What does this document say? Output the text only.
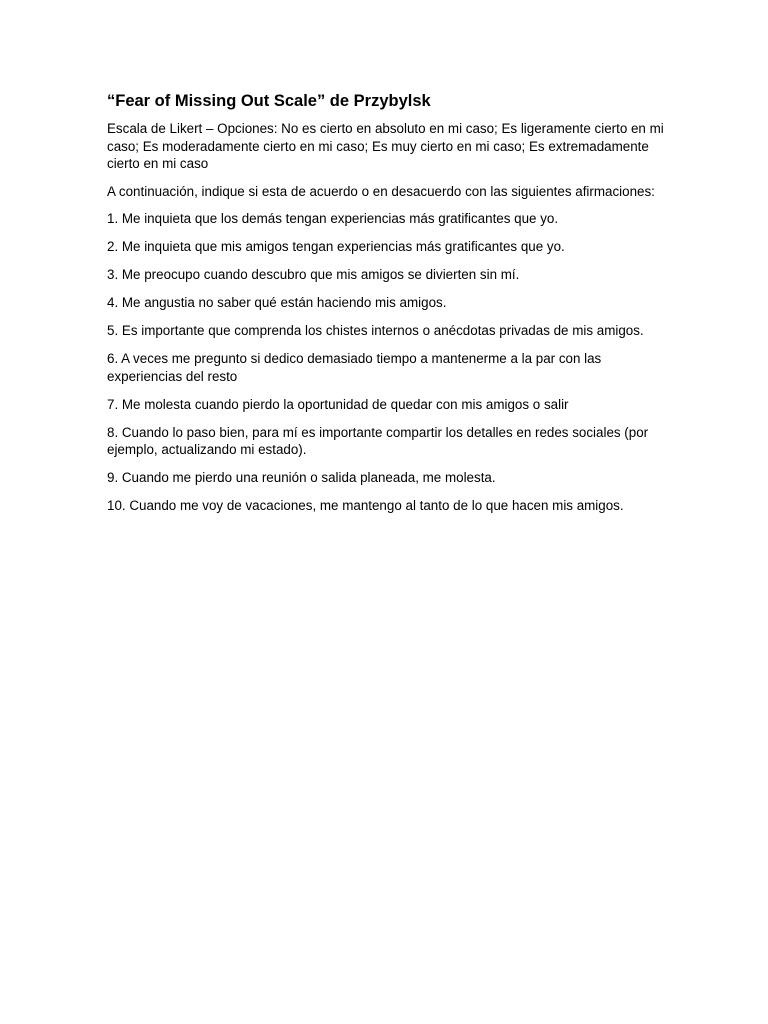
“Fear of Missing Out Scale” de Przybylsk

Escala de Likert – Opciones: No es cierto en absoluto en mi caso; Es ligeramente cierto en mi caso; Es moderadamente cierto en mi caso; Es muy cierto en mi caso; Es extremadamente cierto en mi caso

A continuación, indique si esta de acuerdo o en desacuerdo con las siguientes afirmaciones:

1. Me inquieta que los demás tengan experiencias más gratificantes que yo.
2. Me inquieta que mis amigos tengan experiencias más gratificantes que yo.
3. Me preocupo cuando descubro que mis amigos se divierten sin mí.
4. Me angustia no saber qué están haciendo mis amigos.
5. Es importante que comprenda los chistes internos o anécdotas privadas de mis amigos.
6. A veces me pregunto si dedico demasiado tiempo a mantenerme a la par con las experiencias del resto
7. Me molesta cuando pierdo la oportunidad de quedar con mis amigos o salir
8. Cuando lo paso bien, para mí es importante compartir los detalles en redes sociales (por ejemplo, actualizando mi estado).
9. Cuando me pierdo una reunión o salida planeada, me molesta.
10. Cuando me voy de vacaciones, me mantengo al tanto de lo que hacen mis amigos.
